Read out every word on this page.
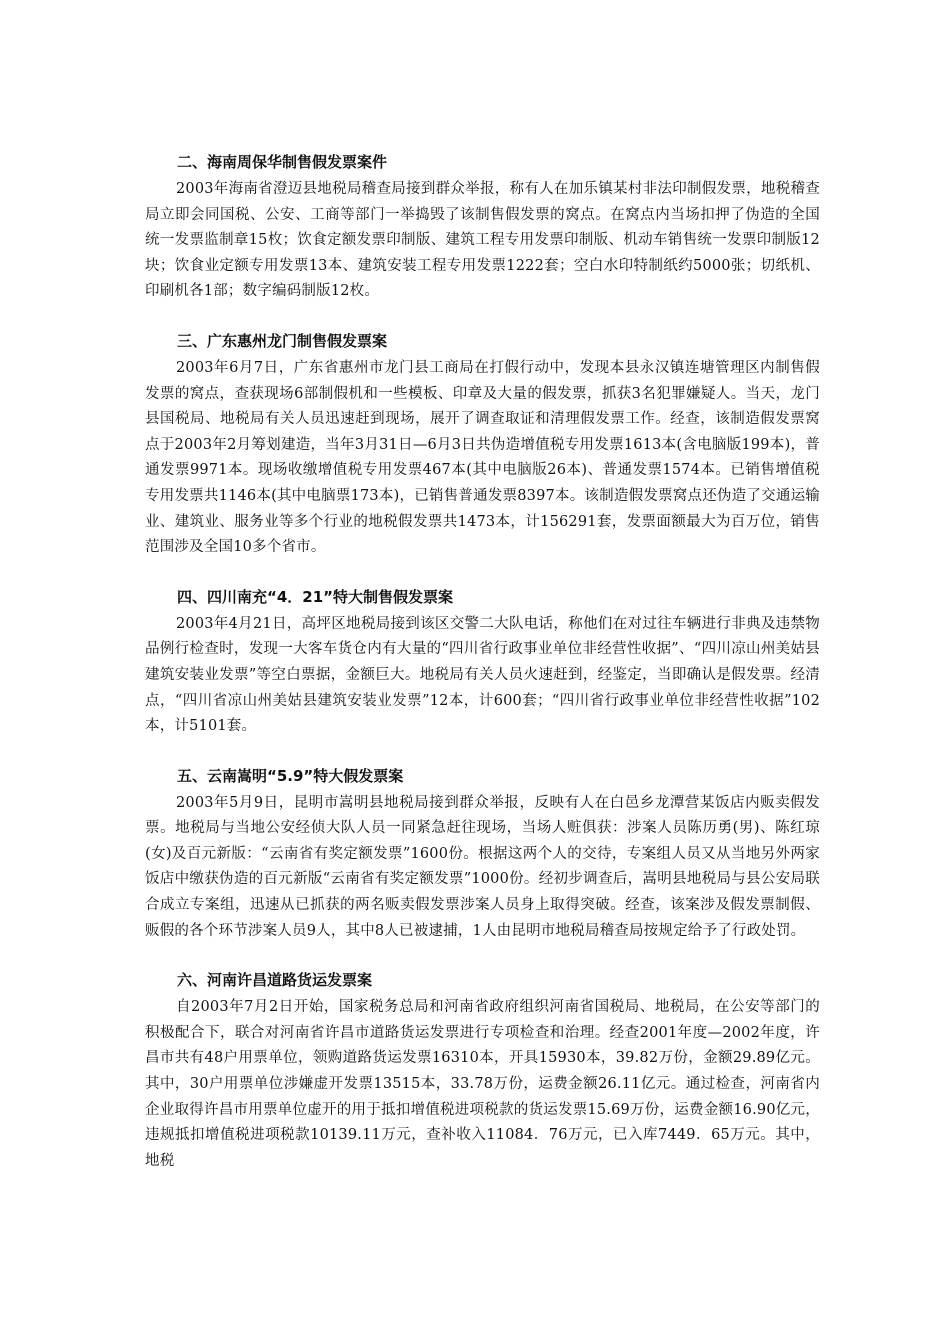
二、海南周保华制售假发票案件

2003年海南省澄迈县地税局稽查局接到群众举报，称有人在加乐镇某村非法印制假发票，地税稽查局立即会同国税、公安、工商等部门一举捣毁了该制售假发票的窝点。在窝点内当场扣押了伪造的全国统一发票监制章15枚；饮食定额发票印制版、建筑工程专用发票印制版、机动车销售统一发票印制版12块；饮食业定额专用发票13本、建筑安装工程专用发票1222套；空白水印特制纸约5000张；切纸机、印刷机各1部；数字编码制版12枚。

三、广东惠州龙门制售假发票案

2003年6月7日，广东省惠州市龙门县工商局在打假行动中，发现本县永汉镇连塘管理区内制售假发票的窝点，查获现场6部制假机和一些模板、印章及大量的假发票，抓获3名犯罪嫌疑人。当天，龙门县国税局、地税局有关人员迅速赶到现场，展开了调查取证和清理假发票工作。经查，该制造假发票窝点于2003年2月筹划建造，当年3月31日—6月3日共伪造增值税专用发票1613本(含电脑版199本)，普通发票9971本。现场收缴增值税专用发票467本(其中电脑版26本)、普通发票1574本。已销售增值税专用发票共1146本(其中电脑票173本)，已销售普通发票8397本。该制造假发票窝点还伪造了交通运输业、建筑业、服务业等多个行业的地税假发票共1473本，计156291套，发票面额最大为百万位，销售范围涉及全国10多个省市。

四、四川南充“4．21”特大制售假发票案

2003年4月21日，高坪区地税局接到该区交警二大队电话，称他们在对过往车辆进行非典及违禁物品例行检查时，发现一大客车货仓内有大量的“四川省行政事业单位非经营性收据”、“四川凉山州美姑县建筑安装业发票”等空白票据，金额巨大。地税局有关人员火速赶到，经鉴定，当即确认是假发票。经清点，“四川省凉山州美姑县建筑安装业发票”12本，计600套；“四川省行政事业单位非经营性收据”102本，计5101套。

五、云南嵩明“5.9”特大假发票案

2003年5月9日，昆明市嵩明县地税局接到群众举报，反映有人在白邑乡龙潭营某饭店内贩卖假发票。地税局与当地公安经侦大队人员一同紧急赶往现场，当场人赃俱获：涉案人员陈历勇(男)、陈红琼(女)及百元新版：“云南省有奖定额发票”1600份。根据这两个人的交待，专案组人员又从当地另外两家饭店中缴获伪造的百元新版“云南省有奖定额发票”1000份。经初步调查后，嵩明县地税局与县公安局联合成立专案组，迅速从已抓获的两名贩卖假发票涉案人员身上取得突破。经查，该案涉及假发票制假、贩假的各个环节涉案人员9人，其中8人已被逮捕，1人由昆明市地税局稽查局按规定给予了行政处罚。

六、河南许昌道路货运发票案

自2003年7月2日开始，国家税务总局和河南省政府组织河南省国税局、地税局，在公安等部门的积极配合下，联合对河南省许昌市道路货运发票进行专项检查和治理。经查2001年度—2002年度，许昌市共有48户用票单位，领购道路货运发票16310本，开具15930本，39.82万份，金额29.89亿元。其中，30户用票单位涉嫌虚开发票13515本，33.78万份，运费金额26.11亿元。通过检查，河南省内企业取得许昌市用票单位虚开的用于抵扣增值税进项税款的货运发票15.69万份，运费金额16.90亿元，违规抵扣增值税进项税款10139.11万元，查补收入11084．76万元，已入库7449．65万元。其中，地税
